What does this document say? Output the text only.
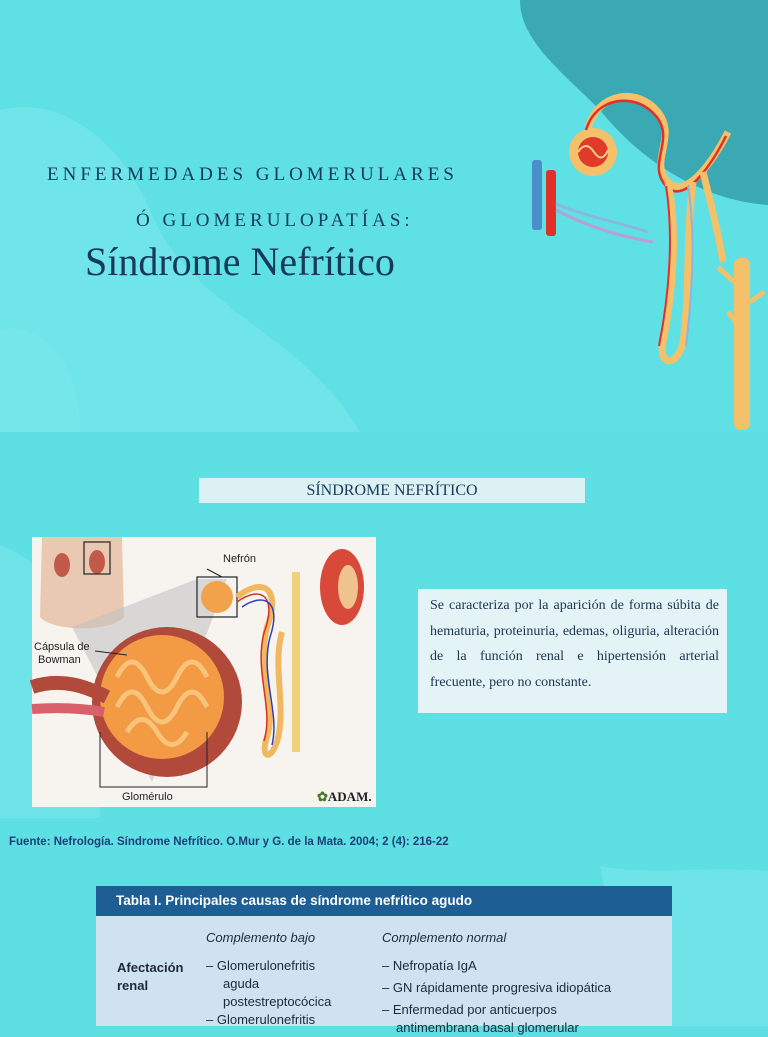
ENFERMEDADES GLOMERULARES
Ó GLOMERULOPATÍAS:
Síndrome Nefrítico
SÍNDROME NEFRÍTICO
Nefrón
Cápsula de
Bowman
Glomérulo	✿ADAM.
Se caracteriza por la aparición de forma súbita de hematuria, proteinuria, edemas, oliguria, alteración de la función renal e hipertensión arterial frecuente, pero no constante.
Fuente: Nefrología. Síndrome Nefrítico. O.Mur y G. de la Mata. 2004; 2 (4): 216-22
Tabla I. Principales causas de síndrome nefrítico agudo
Complemento bajo	Complemento normal
Afectación
renal
– Glomerulonefritis
aguda
postestreptocócica
– Glomerulonefritis
– Nefropatía IgA
– GN rápidamente progresiva idiopática
– Enfermedad por anticuerpos
antimembrana basal glomerular
